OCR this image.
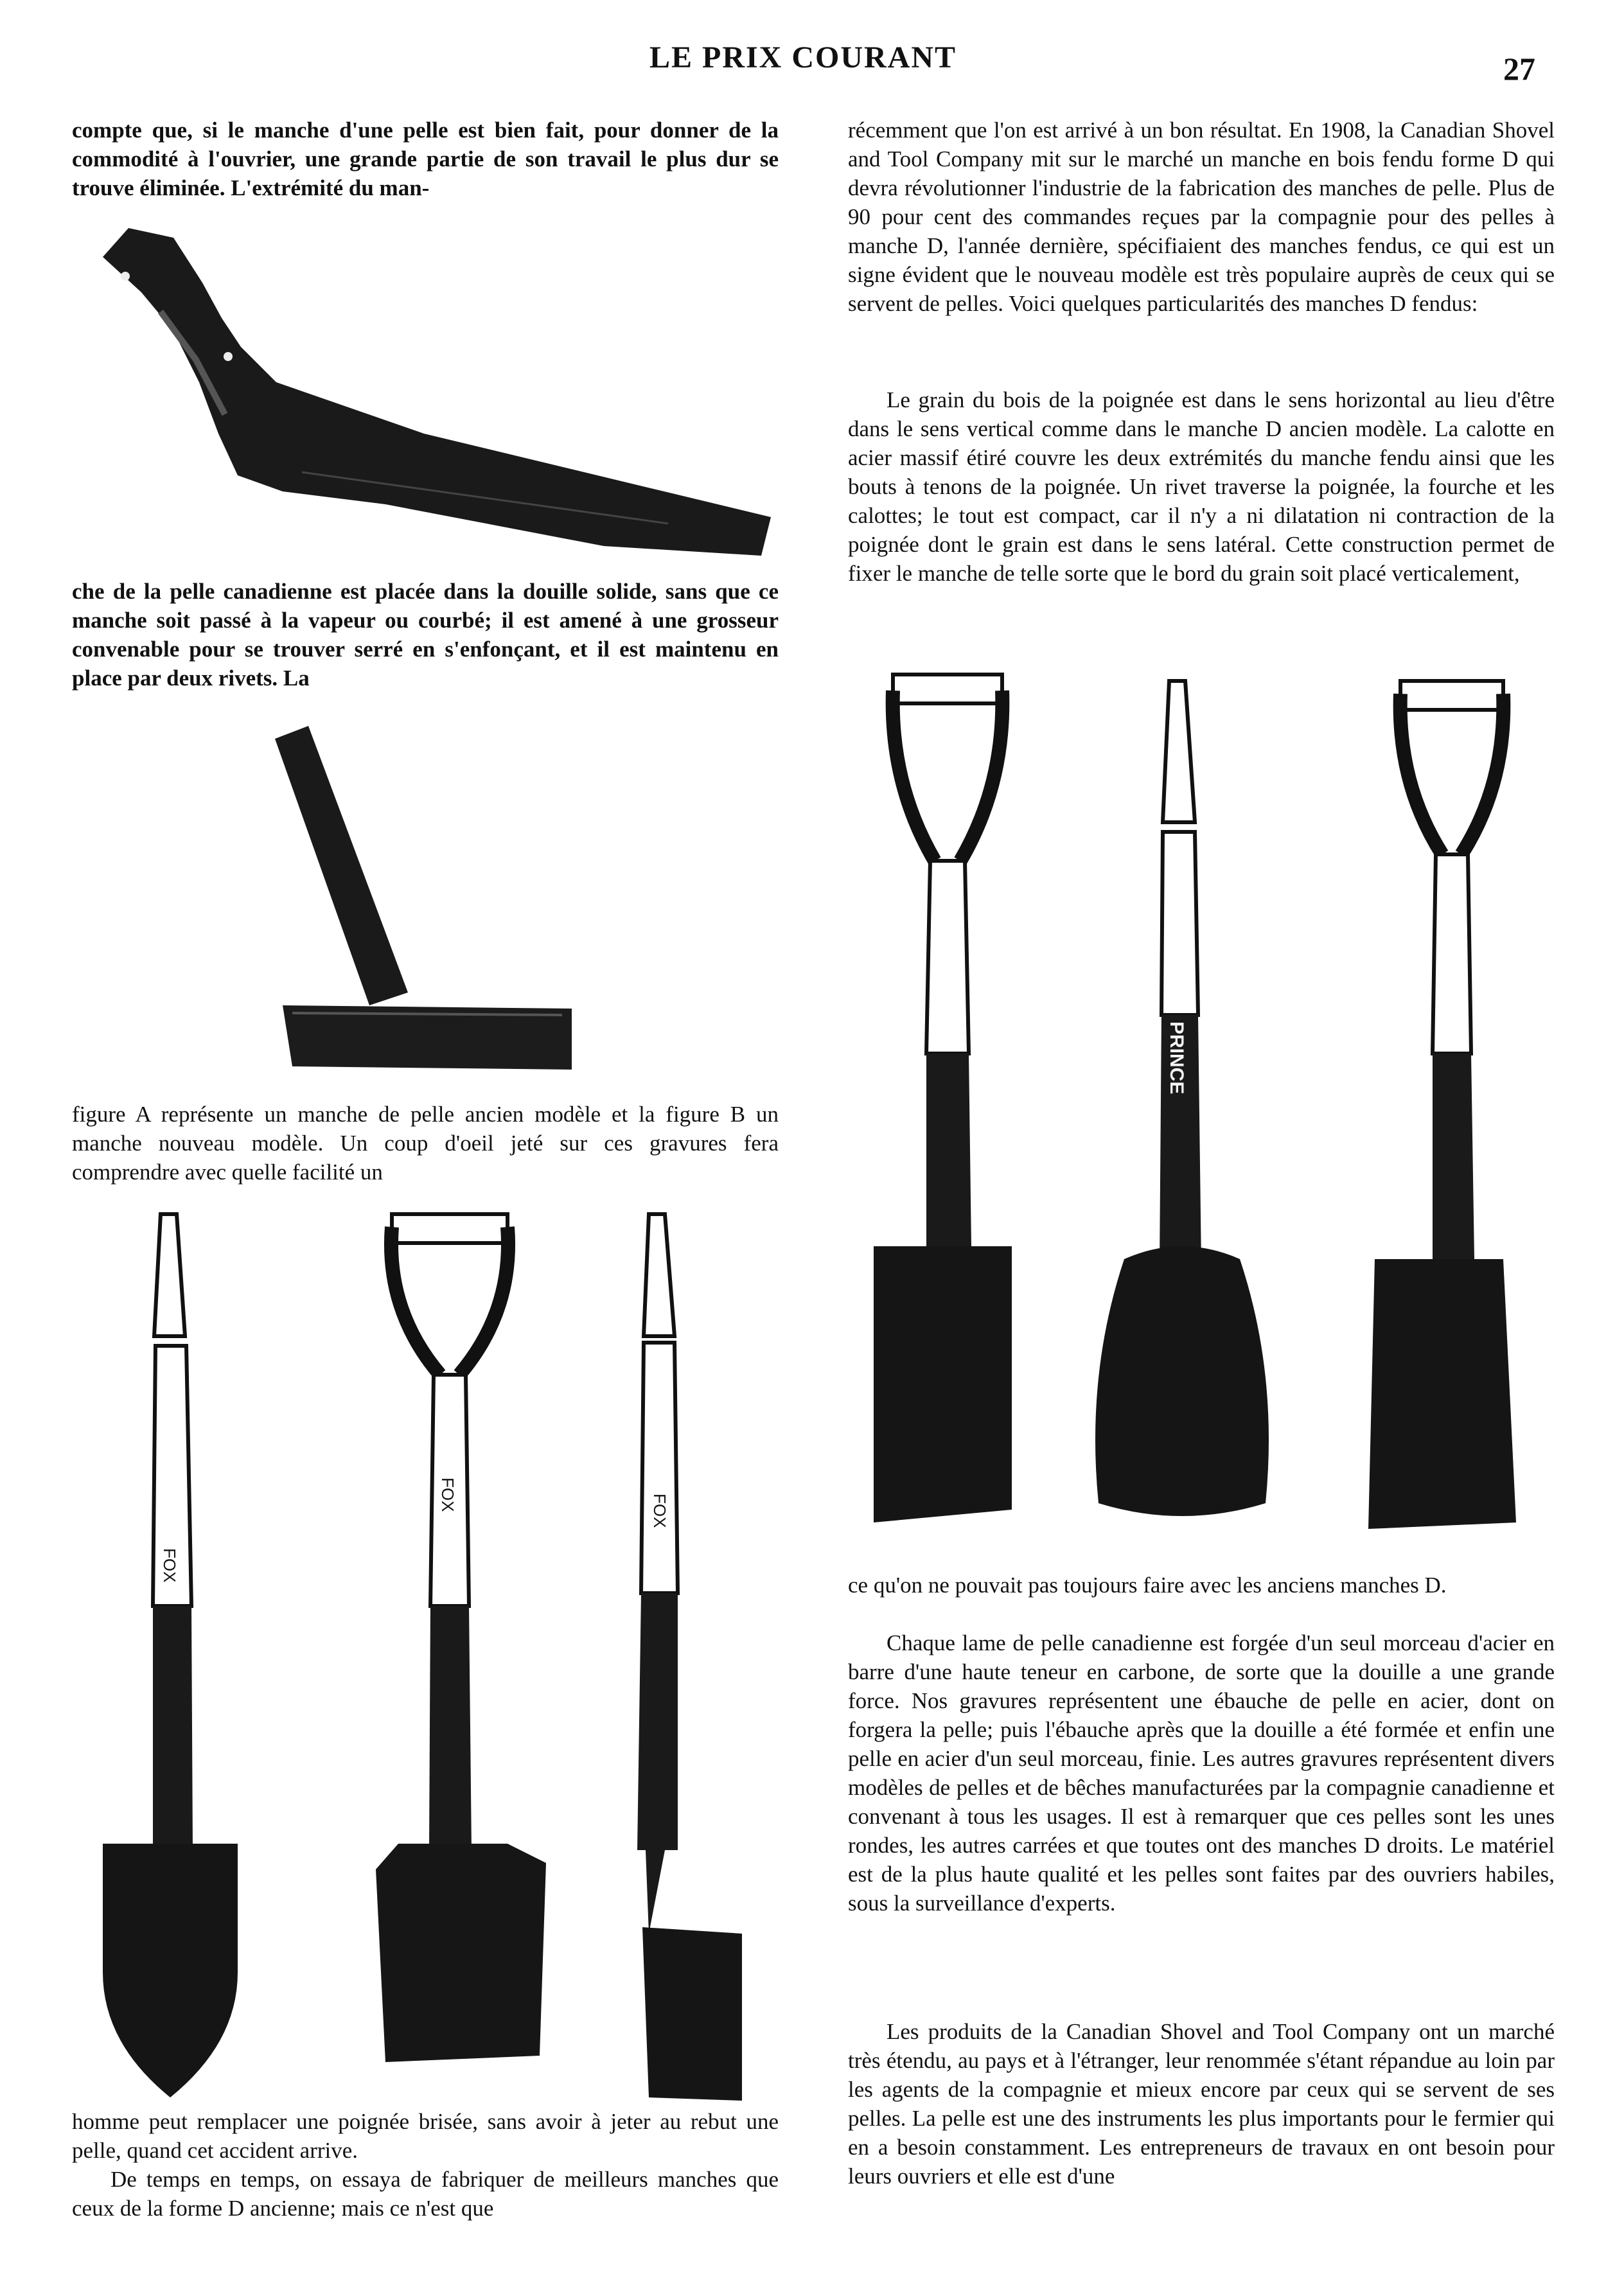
LE PRIX COURANT	27

compte que, si le manche d'une pelle est bien fait, pour donner de la commodité à l'ouvrier, une grande partie de son travail le plus dur se trouve éliminée. L'extrémité du man-

che de la pelle canadienne est placée dans la douille solide, sans que ce manche soit passé à la vapeur ou courbé; il est amené à une grosseur convenable pour se trouver serré en s'enfonçant, et il est maintenu en place par deux rivets. La

figure A représente un manche de pelle ancien modèle et la figure B un manche nouveau modèle. Un coup d'oeil jeté sur ces gravures fera comprendre avec quelle facilité un

FOX
FOX	FOX

homme peut remplacer une poignée brisée, sans avoir à jeter au rebut une pelle, quand cet accident arrive.

De temps en temps, on essaya de fabriquer de meilleurs manches que ceux de la forme D ancienne; mais ce n'est que

récemment que l'on est arrivé à un bon résultat. En 1908, la Canadian Shovel and Tool Company mit sur le marché un manche en bois fendu forme D qui devra révolutionner l'industrie de la fabrication des manches de pelle. Plus de 90 pour cent des commandes reçues par la compagnie pour des pelles à manche D, l'année dernière, spécifiaient des manches fendus, ce qui est un signe évident que le nouveau modèle est très populaire auprès de ceux qui se servent de pelles. Voici quelques particularités des manches D fendus:

Le grain du bois de la poignée est dans le sens horizontal au lieu d'être dans le sens vertical comme dans le manche D ancien modèle. La calotte en acier massif étiré couvre les deux extrémités du manche fendu ainsi que les bouts à tenons de la poignée. Un rivet traverse la poignée, la fourche et les calottes; le tout est compact, car il n'y a ni dilatation ni contraction de la poignée dont le grain est dans le sens latéral. Cette construction permet de fixer le manche de telle sorte que le bord du grain soit placé verticalement,

PRINCE

ce qu'on ne pouvait pas toujours faire avec les anciens manches D.

Chaque lame de pelle canadienne est forgée d'un seul morceau d'acier en barre d'une haute teneur en carbone, de sorte que la douille a une grande force. Nos gravures représentent une ébauche de pelle en acier, dont on forgera la pelle; puis l'ébauche après que la douille a été formée et enfin une pelle en acier d'un seul morceau, finie. Les autres gravures représentent divers modèles de pelles et de bêches manufacturées par la compagnie canadienne et convenant à tous les usages. Il est à remarquer que ces pelles sont les unes rondes, les autres carrées et que toutes ont des manches D droits. Le matériel est de la plus haute qualité et les pelles sont faites par des ouvriers habiles, sous la surveillance d'experts.

Les produits de la Canadian Shovel and Tool Company ont un marché très étendu, au pays et à l'étranger, leur renommée s'étant répandue au loin par les agents de la compagnie et mieux encore par ceux qui se servent de ses pelles. La pelle est une des instruments les plus importants pour le fermier qui en a besoin constamment. Les entrepreneurs de travaux en ont besoin pour leurs ouvriers et elle est d'une
